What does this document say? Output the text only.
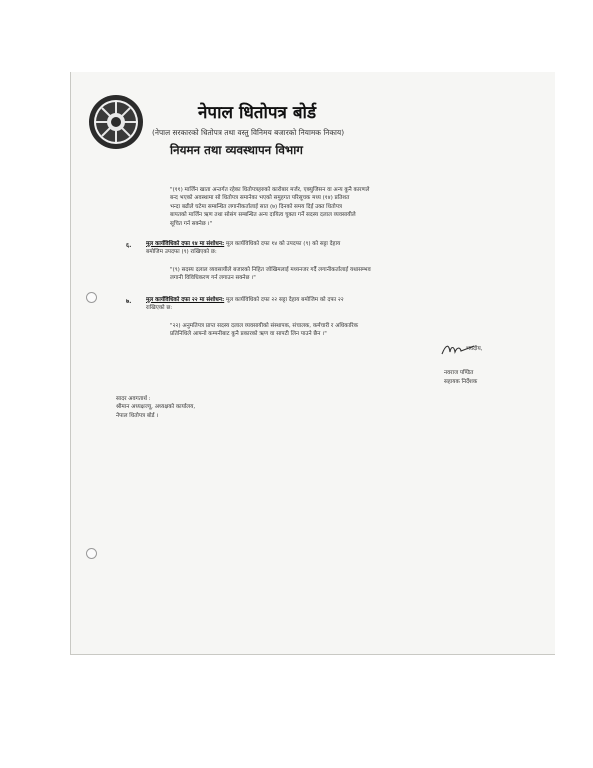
नेपाल धितोपत्र बोर्ड
(नेपाल सरकारको धितोपत्र तथा वस्तु विनिमय बजारको नियामक निकाय)
नियमन तथा व्यवस्थापन विभाग
"(११) मार्जिन खाता अन्तर्गत रहेका धितोपत्रहरुको कारोबार मर्जर, एक्युजिसन वा अन्य कुनै कारणले
बन्द भएको अवस्थामा सो धितोपत्र समानेका भएको समुहगत परिसूचक मध्य (१४) प्रतिशत
भन्दा बढीले घटेमा सम्बन्धित लगानीकर्तालाई सात (७) दिनको समय दिई उक्त धितोपत्र
बापतको मार्जिन ऋण तथा सोसंग सम्बन्धित अन्य दायित्व चुक्ता गर्ने सदस्य दलाल व्यवसायीले
सूचित गर्न सक्नेछ ।"
६.	मूल कार्यविधिको दफा १४ मा संशोधन: मूल कार्यविधिको दफा १४ को उपदफा (९) को सट्टा देहाय
बमोजिम उपदफा (९) राखिएको छ:
"(९) सदस्य दलाल व्यवसायीले बजारको निहित जोखिमलाई मध्यनजर गर्दै लगानीकर्तालाई यथासम्भव
लगानी विविधिकरण गर्न लगाउन सक्नेछ ।"
७.	मूल कार्यविधिको दफा २२ मा संशोधन: मूल कार्यविधिको दफा २२ सट्टा देहाय बमोजिम को दफा २२
राखिएको छ:
"२२) अनुमतिपत्र प्राप्त सदस्य दलाल व्यवसायीको संस्थापक, संचालक, कर्मचारी र अधिकारिक
प्रतिनिधिले आफ्नो कम्पनीबाट कुनै प्रकारको ऋण वा सापटी लिन पाउने छैन ।"
भवदीय,
नवराज पण्डित
सहायक निर्देशक
सादर अवगतार्थ :
श्रीमान अध्यक्षज्यू, अध्यक्षको कार्यालय,
नेपाल धितोपत्र बोर्ड ।
